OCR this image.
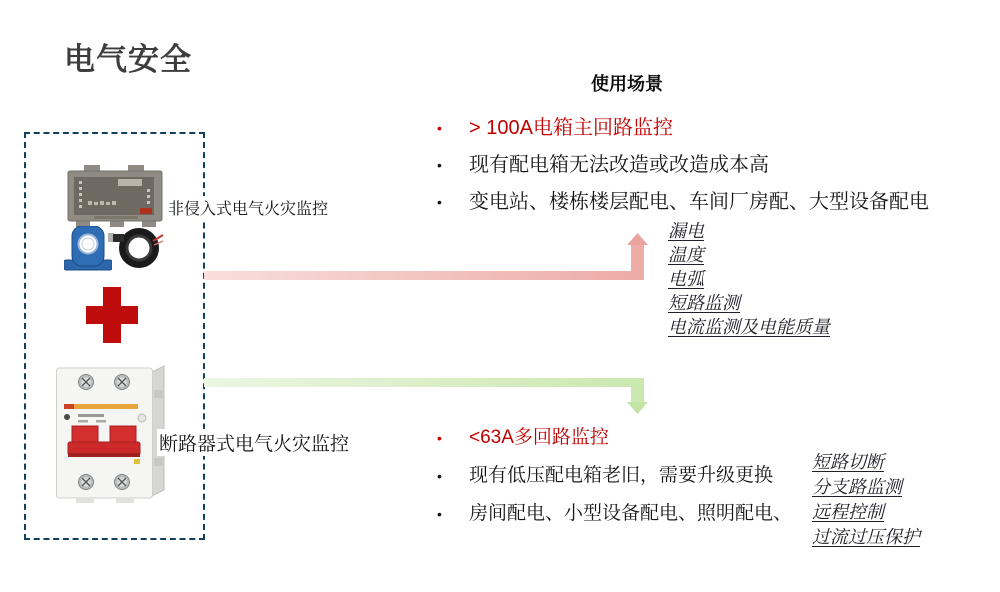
电气安全
使用场景
非侵入式电气火灾监控
断路器式电气火灾监控
•	> 100A电箱主回路监控
•	现有配电箱无法改造或改造成本高
•	变电站、楼栋楼层配电、车间厂房配、大型设备配电
漏电
温度
电弧
短路监测
电流监测及电能质量
•	<63A多回路监控
•	现有低压配电箱老旧，需要升级更换
•	房间配电、小型设备配电、照明配电、
短路切断
分支路监测
远程控制
过流过压保护
